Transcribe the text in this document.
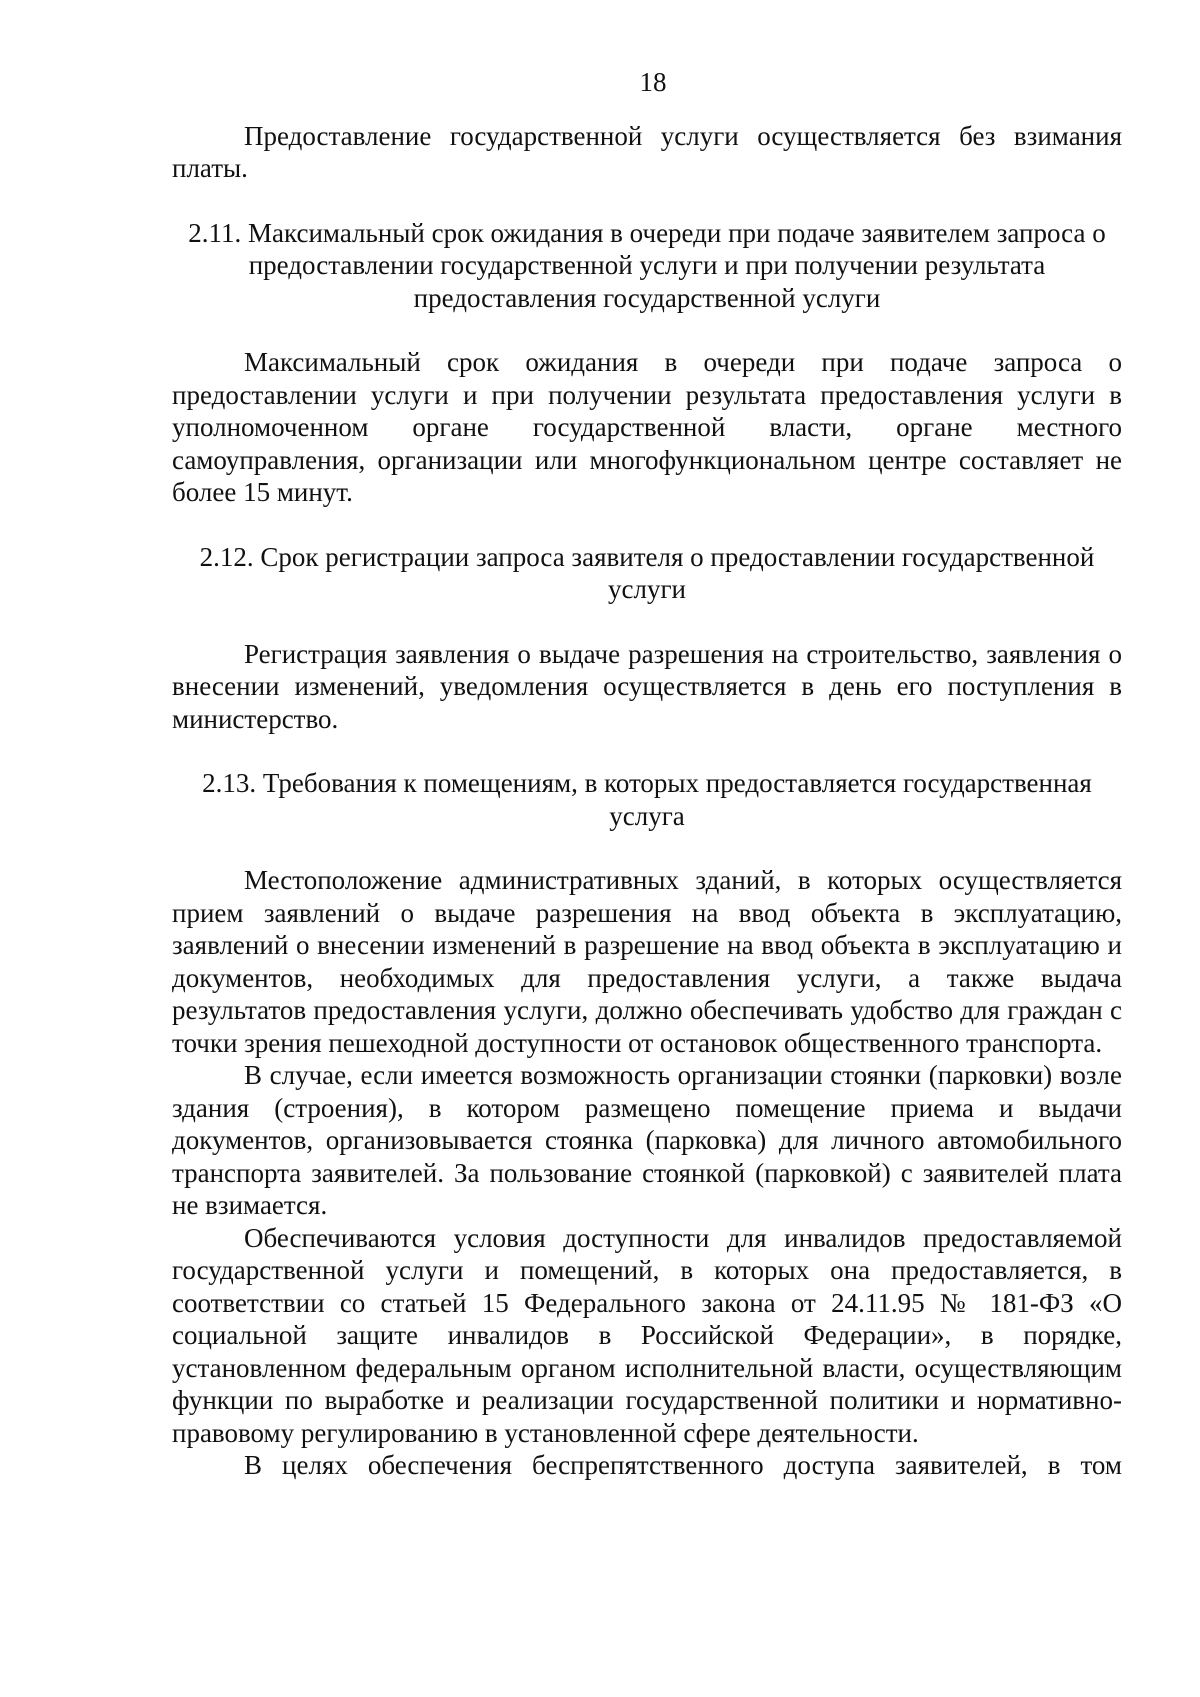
18

Предоставление государственной услуги осуществляется без взимания платы.

2.11. Максимальный срок ожидания в очереди при подаче заявителем запроса о предоставлении государственной услуги и при получении результата предоставления государственной услуги

Максимальный срок ожидания в очереди при подаче запроса о предоставлении услуги и при получении результата предоставления услуги в уполномоченном органе государственной власти, органе местного самоуправления, организации или многофункциональном центре составляет не более 15 минут.

2.12. Срок регистрации запроса заявителя о предоставлении государственной услуги

Регистрация заявления о выдаче разрешения на строительство, заявления о внесении изменений, уведомления осуществляется в день его поступления в министерство.

2.13. Требования к помещениям, в которых предоставляется государственная услуга

Местоположение административных зданий, в которых осуществляется прием заявлений о выдаче разрешения на ввод объекта в эксплуатацию, заявлений о внесении изменений в разрешение на ввод объекта в эксплуатацию и документов, необходимых для предоставления услуги, а также выдача результатов предоставления услуги, должно обеспечивать удобство для граждан с точки зрения пешеходной доступности от остановок общественного транспорта.

В случае, если имеется возможность организации стоянки (парковки) возле здания (строения), в котором размещено помещение приема и выдачи документов, организовывается стоянка (парковка) для личного автомобильного транспорта заявителей. За пользование стоянкой (парковкой) с заявителей плата не взимается.

Обеспечиваются условия доступности для инвалидов предоставляемой государственной услуги и помещений, в которых она предоставляется, в соответствии со статьей 15 Федерального закона от 24.11.95 № 181-ФЗ «О социальной защите инвалидов в Российской Федерации», в порядке, установленном федеральным органом исполнительной власти, осуществляющим функции по выработке и реализации государственной политики и нормативно-правовому регулированию в установленной сфере деятельности.

В целях обеспечения беспрепятственного доступа заявителей, в том
